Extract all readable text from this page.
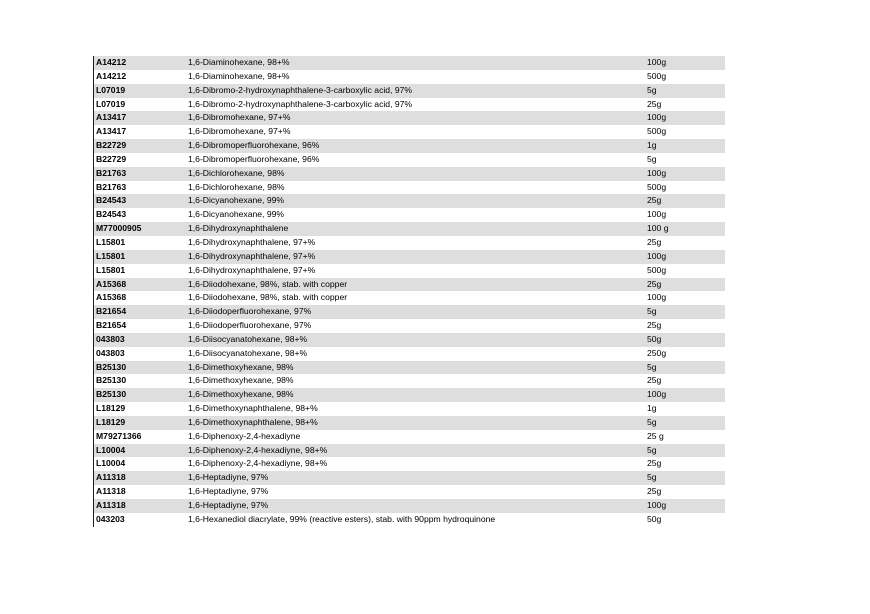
A14212	1,6-Diaminohexane, 98+%	100g
A14212	1,6-Diaminohexane, 98+%	500g
L07019	1,6-Dibromo-2-hydroxynaphthalene-3-carboxylic acid, 97%	5g
L07019	1,6-Dibromo-2-hydroxynaphthalene-3-carboxylic acid, 97%	25g
A13417	1,6-Dibromohexane, 97+%	100g
A13417	1,6-Dibromohexane, 97+%	500g
B22729	1,6-Dibromoperfluorohexane, 96%	1g
B22729	1,6-Dibromoperfluorohexane, 96%	5g
B21763	1,6-Dichlorohexane, 98%	100g
B21763	1,6-Dichlorohexane, 98%	500g
B24543	1,6-Dicyanohexane, 99%	25g
B24543	1,6-Dicyanohexane, 99%	100g
M77000905	1,6-Dihydroxynaphthalene	100 g
L15801	1,6-Dihydroxynaphthalene, 97+%	25g
L15801	1,6-Dihydroxynaphthalene, 97+%	100g
L15801	1,6-Dihydroxynaphthalene, 97+%	500g
A15368	1,6-Diiodohexane, 98%, stab. with copper	25g
A15368	1,6-Diiodohexane, 98%, stab. with copper	100g
B21654	1,6-Diiodoperfluorohexane, 97%	5g
B21654	1,6-Diiodoperfluorohexane, 97%	25g
043803	1,6-Diisocyanatohexane, 98+%	50g
043803	1,6-Diisocyanatohexane, 98+%	250g
B25130	1,6-Dimethoxyhexane, 98%	5g
B25130	1,6-Dimethoxyhexane, 98%	25g
B25130	1,6-Dimethoxyhexane, 98%	100g
L18129	1,6-Dimethoxynaphthalene, 98+%	1g
L18129	1,6-Dimethoxynaphthalene, 98+%	5g
M79271366	1,6-Diphenoxy-2,4-hexadiyne	25 g
L10004	1,6-Diphenoxy-2,4-hexadiyne, 98+%	5g
L10004	1,6-Diphenoxy-2,4-hexadiyne, 98+%	25g
A11318	1,6-Heptadiyne, 97%	5g
A11318	1,6-Heptadiyne, 97%	25g
A11318	1,6-Heptadiyne, 97%	100g
043203	1,6-Hexanediol diacrylate, 99% (reactive esters), stab. with 90ppm hydroquinone	50g
